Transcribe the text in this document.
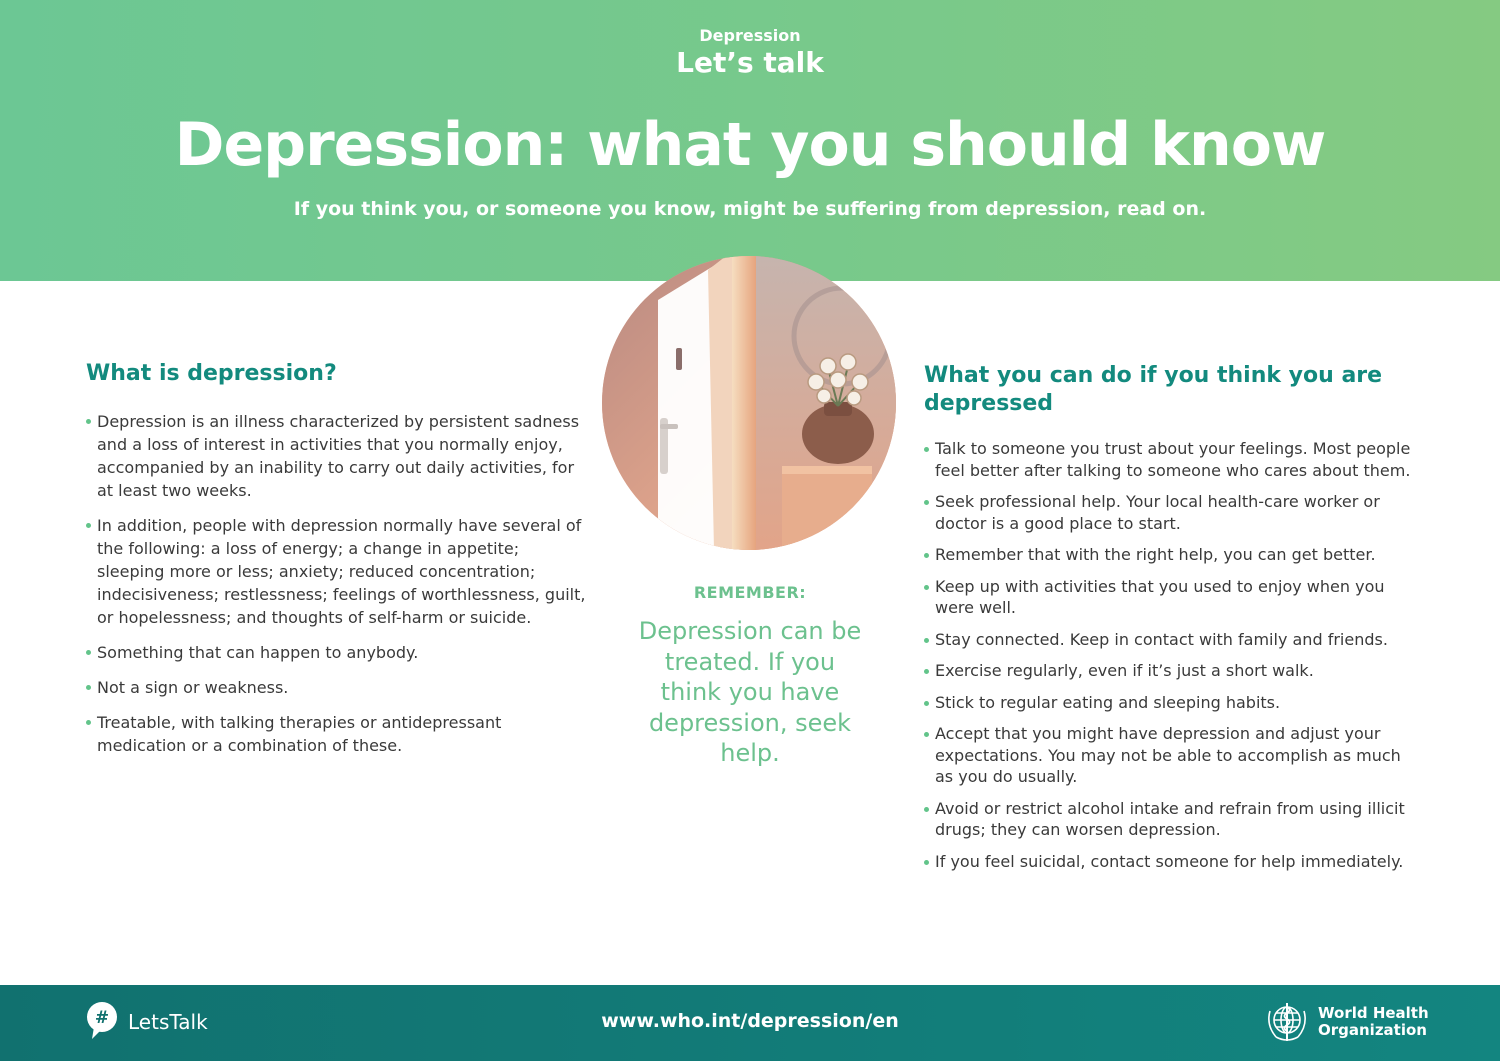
Depression
Let’s talk
Depression: what you should know
If you think you, or someone you know, might be suffering from depression, read on.
What is depression?
Depression is an illness characterized by persistent sadness and a loss of interest in activities that you normally enjoy, accompanied by an inability to carry out daily activities, for at least two weeks.
In addition, people with depression normally have several of the following: a loss of energy; a change in appetite; sleeping more or less; anxiety; reduced concentration; indecisiveness; restlessness; feelings of worthlessness, guilt, or hopelessness; and thoughts of self-harm or suicide.
Something that can happen to anybody.
Not a sign or weakness.
Treatable, with talking therapies or antidepressant medication or a combination of these.
REMEMBER:
Depression can be treated. If you think you have depression, seek help.
What you can do if you think you are depressed
Talk to someone you trust about your feelings. Most people feel better after talking to someone who cares about them.
Seek professional help. Your local health-care worker or doctor is a good place to start.
Remember that with the right help, you can get better.
Keep up with activities that you used to enjoy when you were well.
Stay connected. Keep in contact with family and friends.
Exercise regularly, even if it’s just a short walk.
Stick to regular eating and sleeping habits.
Accept that you might have depression and adjust your expectations. You may not be able to accomplish as much as you do usually.
Avoid or restrict alcohol intake and refrain from using illicit drugs; they can worsen depression.
If you feel suicidal, contact someone for help immediately.
# LetsTalk	www.who.int/depression/en	World Health
Organization
